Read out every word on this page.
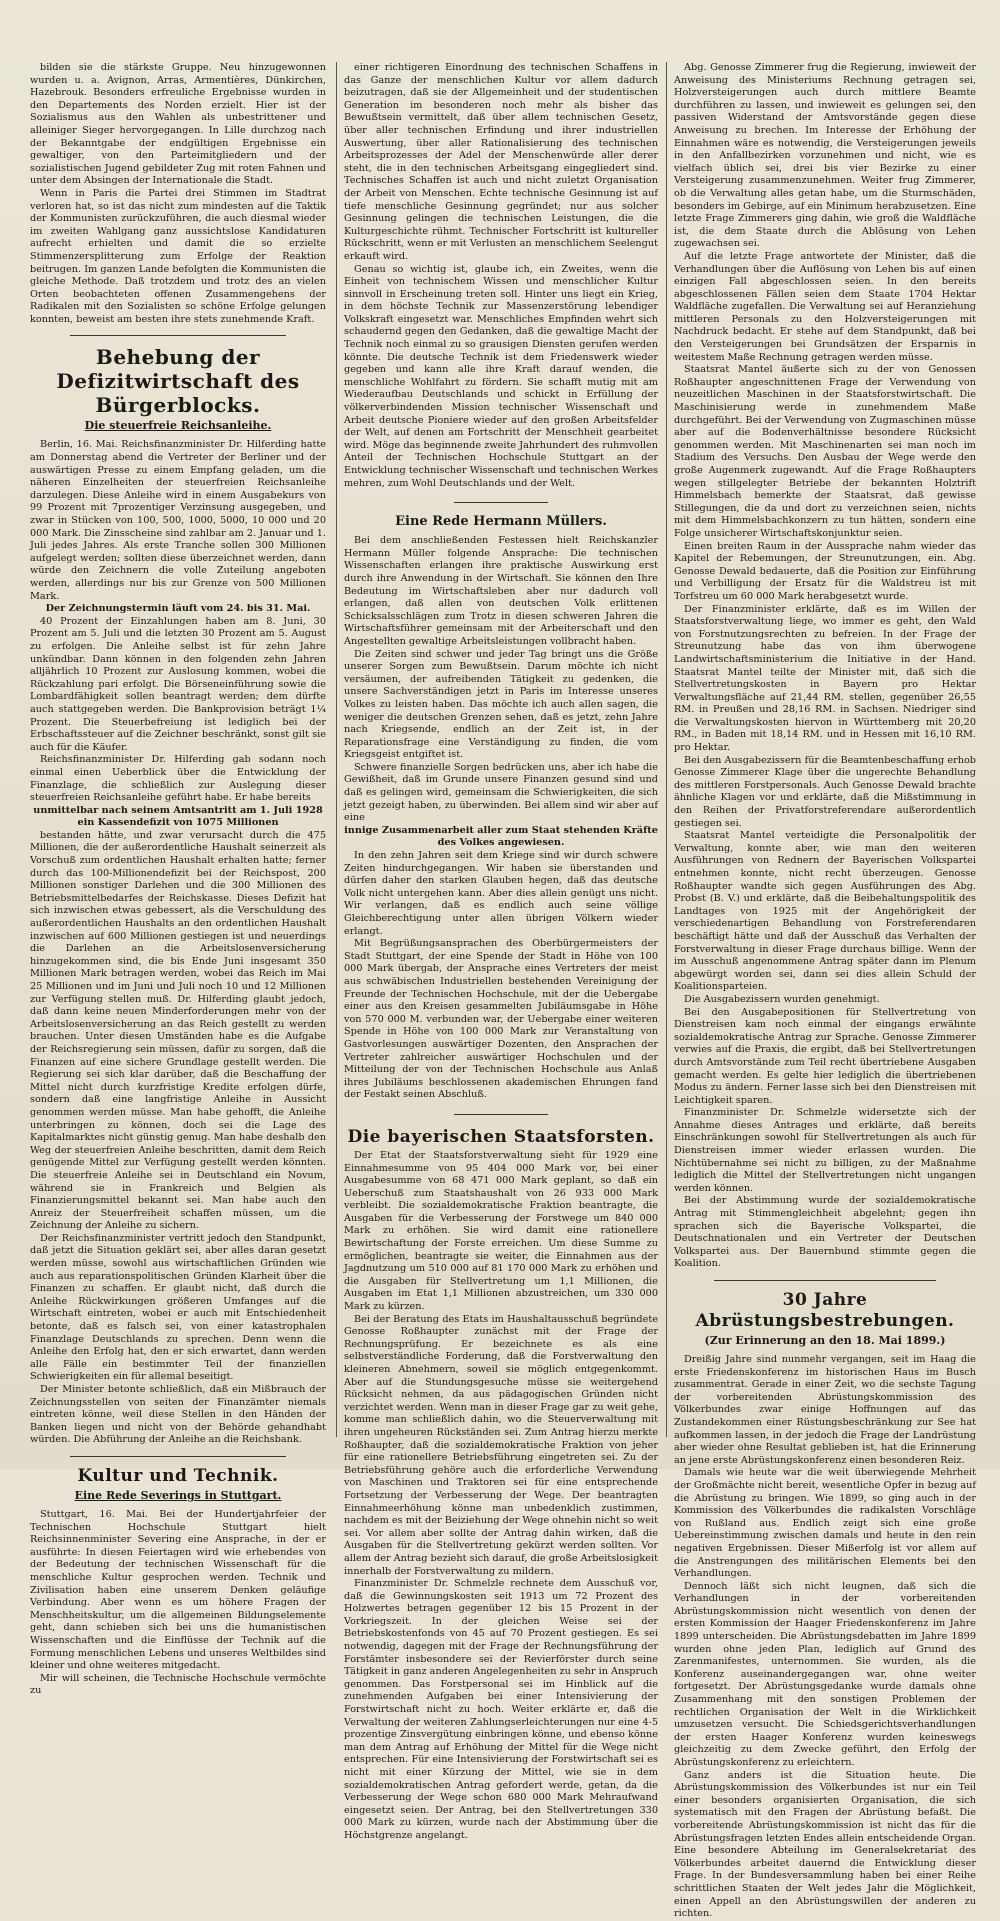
bilden sie die stärkste Gruppe. Neu hinzugewonnen wurden u. a. Avignon, Arras, Armentières, Dünkirchen, Hazebrouk. Besonders erfreuliche Ergebnisse wurden in den Departements des Norden erzielt. Hier ist der Sozialismus aus den Wahlen als unbestrittener und alleiniger Sieger hervorgegangen. In Lille durchzog nach der Bekanntgabe der endgültigen Ergebnisse ein gewaltiger, von den Parteimitgliedern und der sozialistischen Jugend gebildeter Zug mit roten Fahnen und unter dem Absingen der Internationale die Stadt.

Wenn in Paris die Partei drei Stimmen im Stadtrat verloren hat, so ist das nicht zum mindesten auf die Taktik der Kommunisten zurückzuführen, die auch diesmal wieder im zweiten Wahlgang ganz aussichtslose Kandidaturen aufrecht erhielten und damit die so erzielte Stimmenzersplitterung zum Erfolge der Reaktion beitrugen. Im ganzen Lande befolgten die Kommunisten die gleiche Methode. Daß trotzdem und trotz des an vielen Orten beobachteten offenen Zusammengehens der Radikalen mit den Sozialisten so schöne Erfolge gelungen konnten, beweist am besten ihre stets zunehmende Kraft.

Behebung der Defizitwirtschaft des Bürgerblocks.
Die steuerfreie Reichsanleihe.

Berlin, 16. Mai. Reichsfinanzminister Dr. Hilferding hatte am Donnerstag abend die Vertreter der Berliner und der auswärtigen Presse zu einem Empfang geladen, um die näheren Einzelheiten der steuerfreien Reichsanleihe darzulegen. Diese Anleihe wird in einem Ausgabekurs von 99 Prozent mit 7prozentiger Verzinsung ausgegeben, und zwar in Stücken von 100, 500, 1000, 5000, 10 000 und 20 000 Mark. Die Zinsscheine sind zahlbar am 2. Januar und 1. Juli jedes Jahres. Als erste Tranche sollen 300 Millionen aufgelegt werden; sollten diese überzeichnet werden, dann würde den Zeichnern die volle Zuteilung angeboten werden, allerdings nur bis zur Grenze von 500 Millionen Mark.

Der Zeichnungstermin läuft vom 24. bis 31. Mai.

40 Prozent der Einzahlungen haben am 8. Juni, 30 Prozent am 5. Juli und die letzten 30 Prozent am 5. August zu erfolgen. Die Anleihe selbst ist für zehn Jahre unkündbar. Dann können in den folgenden zehn Jahren alljährlich 10 Prozent zur Auslosung kommen, wobei die Rückzahlung pari erfolgt. Die Börseneinführung sowie die Lombardfähigkeit sollen beantragt werden; dem dürfte auch stattgegeben werden. Die Bankprovision beträgt 1¼ Prozent. Die Steuerbefreiung ist lediglich bei der Erbschaftssteuer auf die Zeichner beschränkt, sonst gilt sie auch für die Käufer.

Reichsfinanzminister Dr. Hilferding gab sodann noch einmal einen Ueberblick über die Entwicklung der Finanzlage, die schließlich zur Auslegung dieser steuerfreien Reichsanleihe geführt habe. Er habe bereits

unmittelbar nach seinem Amtsantritt am 1. Juli 1928 ein Kassendefizit von 1075 Millionen

bestanden hätte, und zwar verursacht durch die 475 Millionen, die der außerordentliche Haushalt seinerzeit als Vorschuß zum ordentlichen Haushalt erhalten hatte; ferner durch das 100-Millionendefizit bei der Reichspost, 200 Millionen sonstiger Darlehen und die 300 Millionen des Betriebsmittelbedarfes der Reichskasse. Dieses Defizit hat sich inzwischen etwas gebessert, als die Verschuldung des außerordentlichen Haushalts an den ordentlichen Haushalt inzwischen auf 600 Millionen gestiegen ist und neuerdings die Darlehen an die Arbeitslosenversicherung hinzugekommen sind, die bis Ende Juni insgesamt 350 Millionen Mark betragen werden, wobei das Reich im Mai 25 Millionen und im Juni und Juli noch 10 und 12 Millionen zur Verfügung stellen muß. Dr. Hilferding glaubt jedoch, daß dann keine neuen Minderforderungen mehr von der Arbeitslosenversicherung an das Reich gestellt zu werden brauchen. Unter diesen Umständen habe es die Aufgabe der Reichsregierung sein müssen, dafür zu sorgen, daß die Finanzen auf eine sichere Grundlage gestellt werden. Die Regierung sei sich klar darüber, daß die Beschaffung der Mittel nicht durch kurzfristige Kredite erfolgen dürfe, sondern daß eine langfristige Anleihe in Aussicht genommen werden müsse. Man habe gehofft, die Anleihe unterbringen zu können, doch sei die Lage des Kapitalmarktes nicht günstig genug. Man habe deshalb den Weg der steuerfreien Anleihe beschritten, damit dem Reich genügende Mittel zur Verfügung gestellt werden könnten. Die steuerfreie Anleihe sei in Deutschland ein Novum, während sie in Frankreich und Belgien als Finanzierungsmittel bekannt sei. Man habe auch den Anreiz der Steuerfreiheit schaffen müssen, um die Zeichnung der Anleihe zu sichern.

Der Reichsfinanzminister vertritt jedoch den Standpunkt, daß jetzt die Situation geklärt sei, aber alles daran gesetzt werden müsse, sowohl aus wirtschaftlichen Gründen wie auch aus reparationspolitischen Gründen Klarheit über die Finanzen zu schaffen. Er glaubt nicht, daß durch die Anleihe Rückwirkungen größeren Umfanges auf die Wirtschaft eintreten, wobei er auch mit Entschiedenheit betonte, daß es falsch sei, von einer katastrophalen Finanzlage Deutschlands zu sprechen. Denn wenn die Anleihe den Erfolg hat, den er sich erwartet, dann werden alle Fälle ein bestimmter Teil der finanziellen Schwierigkeiten ein für allemal beseitigt.

Der Minister betonte schließlich, daß ein Mißbrauch der Zeichnungsstellen von seiten der Finanzämter niemals eintreten könne, weil diese Stellen in den Händen der Banken liegen und nicht von der Behörde gehandhabt würden. Die Abführung der Anleihe an die Reichsbank.

Kultur und Technik.
Eine Rede Severings in Stuttgart.

Stuttgart, 16. Mai. Bei der Hundertjahrfeier der Technischen Hochschule Stuttgart hielt Reichsinnenminister Severing eine Ansprache, in der er ausführte: In diesen Feiertagen wird wie erhebendes von der Bedeutung der technischen Wissenschaft für die menschliche Kultur gesprochen werden. Technik und Zivilisation haben eine unserem Denken geläufige Verbindung. Aber wenn es um höhere Fragen der Menschheitskultur, um die allgemeinen Bildungselemente geht, dann schieben sich bei uns die humanistischen Wissenschaften und die Einflüsse der Technik auf die Formung menschlichen Lebens und unseres Weltbildes sind kleiner und ohne weiteres mitgedacht.

Mir will scheinen, die Technische Hochschule vermöchte zu

einer richtigeren Einordnung des technischen Schaffens in das Ganze der menschlichen Kultur vor allem dadurch beizutragen, daß sie der Allgemeinheit und der studentischen Generation im besonderen noch mehr als bisher das Bewußtsein vermittelt, daß über allem technischen Gesetz, über aller technischen Erfindung und ihrer industriellen Auswertung, über aller Rationalisierung des technischen Arbeitsprozesses der Adel der Menschenwürde aller derer steht, die in den technischen Arbeitsgang eingegliedert sind. Technisches Schaffen ist auch und nicht zuletzt Organisation der Arbeit von Menschen. Echte technische Gesinnung ist auf tiefe menschliche Gesinnung gegründet; nur aus solcher Gesinnung gelingen die technischen Leistungen, die die Kulturgeschichte rühmt. Technischer Fortschritt ist kultureller Rückschritt, wenn er mit Verlusten an menschlichem Seelengut erkauft wird.

Genau so wichtig ist, glaube ich, ein Zweites, wenn die Einheit von technischem Wissen und menschlicher Kultur sinnvoll in Erscheinung treten soll. Hinter uns liegt ein Krieg, in dem höchste Technik zur Massenzerstörung lebendiger Volkskraft eingesetzt war. Menschliches Empfinden wehrt sich schaudernd gegen den Gedanken, daß die gewaltige Macht der Technik noch einmal zu so grausigen Diensten gerufen werden könnte. Die deutsche Technik ist dem Friedenswerk wieder gegeben und kann alle ihre Kraft darauf wenden, die menschliche Wohlfahrt zu fördern. Sie schafft mutig mit am Wiederaufbau Deutschlands und schickt in Erfüllung der völkerverbindenden Mission technischer Wissenschaft und Arbeit deutsche Pioniere wieder auf den großen Arbeitsfelder der Welt, auf denen am Fortschritt der Menschheit gearbeitet wird. Möge das beginnende zweite Jahrhundert des ruhmvollen Anteil der Technischen Hochschule Stuttgart an der Entwicklung technischer Wissenschaft und technischen Werkes mehren, zum Wohl Deutschlands und der Welt.

Eine Rede Hermann Müllers.

Bei dem anschließenden Festessen hielt Reichskanzler Hermann Müller folgende Ansprache: Die technischen Wissenschaften erlangen ihre praktische Auswirkung erst durch ihre Anwendung in der Wirtschaft. Sie können den Ihre Bedeutung im Wirtschaftsleben aber nur dadurch voll erlangen, daß allen von deutschen Volk erlittenen Schicksalsschlägen zum Trotz in diesen schweren Jahren die Wirtschaftsführer gemeinsam mit der Arbeiterschaft und den Angestellten gewaltige Arbeitsleistungen vollbracht haben.

Die Zeiten sind schwer und jeder Tag bringt uns die Größe unserer Sorgen zum Bewußtsein. Darum möchte ich nicht versäumen, der aufreibenden Tätigkeit zu gedenken, die unsere Sachverständigen jetzt in Paris im Interesse unseres Volkes zu leisten haben. Das möchte ich auch allen sagen, die weniger die deutschen Grenzen sehen, daß es jetzt, zehn Jahre nach Kriegsende, endlich an der Zeit ist, in der Reparationsfrage eine Verständigung zu finden, die vom Kriegsgeist entgiftet ist.

Schwere finanzielle Sorgen bedrücken uns, aber ich habe die Gewißheit, daß im Grunde unsere Finanzen gesund sind und daß es gelingen wird, gemeinsam die Schwierigkeiten, die sich jetzt gezeigt haben, zu überwinden. Bei allem sind wir aber auf eine

innige Zusammenarbeit aller zum Staat stehenden Kräfte des Volkes angewiesen.

In den zehn Jahren seit dem Kriege sind wir durch schwere Zeiten hindurchgegangen. Wir haben sie überstanden und dürfen daher den starken Glauben hegen, daß das deutsche Volk nicht untergehen kann. Aber dies allein genügt uns nicht. Wir verlangen, daß es endlich auch seine völlige Gleichberechtigung unter allen übrigen Völkern wieder erlangt.

Mit Begrüßungsansprachen des Oberbürgermeisters der Stadt Stuttgart, der eine Spende der Stadt in Höhe von 100 000 Mark übergab, der Ansprache eines Vertreters der meist aus schwäbischen Industriellen bestehenden Vereinigung der Freunde der Technischen Hochschule, mit der die Uebergabe einer aus den Kreisen gesammelten Jubiläumsgabe in Höhe von 570 000 M. verbunden war, der Uebergabe einer weiteren Spende in Höhe von 100 000 Mark zur Veranstaltung von Gastvorlesungen auswärtiger Dozenten, den Ansprachen der Vertreter zahlreicher auswärtiger Hochschulen und der Mitteilung der von der Technischen Hochschule aus Anlaß ihres Jubiläums beschlossenen akademischen Ehrungen fand der Festakt seinen Abschluß.

Die bayerischen Staatsforsten.

Der Etat der Staatsforstverwaltung sieht für 1929 eine Einnahmesumme von 95 404 000 Mark vor, bei einer Ausgabesumme von 68 471 000 Mark geplant, so daß ein Ueberschuß zum Staatshaushalt von 26 933 000 Mark verbleibt. Die sozialdemokratische Fraktion beantragte, die Ausgaben für die Verbesserung der Forstwege um 840 000 Mark zu erhöhen. Sie wird damit eine rationellere Bewirtschaftung der Forste erreichen. Um diese Summe zu ermöglichen, beantragte sie weiter, die Einnahmen aus der Jagdnutzung um 510 000 auf 81 170 000 Mark zu erhöhen und die Ausgaben für Stellvertretung um 1,1 Millionen, die Ausgaben im Etat 1,1 Millionen abzustreichen, um 330 000 Mark zu kürzen.

Bei der Beratung des Etats im Haushaltausschuß begründete Genosse Roßhaupter zunächst mit der Frage der Rechnungsprüfung. Er bezeichnete es als eine selbstverständliche Forderung, daß die Forstverwaltung den kleineren Abnehmern, soweil sie möglich entgegenkommt. Aber auf die Stundungsgesuche müsse sie weitergehend Rücksicht nehmen, da aus pädagogischen Gründen nicht verzichtet werden. Wenn man in dieser Frage gar zu weit gehe, komme man schließlich dahin, wo die Steuerverwaltung mit ihren ungeheuren Rückständen sei. Zum Antrag hierzu merkte Roßhaupter, daß die sozialdemokratische Fraktion von jeher für eine rationellere Betriebsführung eingetreten sei. Zu der Betriebsführung gehöre auch die erforderliche Verwendung von Maschinen und Traktoren sei für eine entsprechende Fortsetzung der Verbesserung der Wege. Der beantragten Einnahmeerhöhung könne man unbedenklich zustimmen, nachdem es mit der Beiziehung der Wege ohnehin nicht so weit sei. Vor allem aber sollte der Antrag dahin wirken, daß die Ausgaben für die Stellvertretung gekürzt werden sollten. Vor allem der Antrag bezieht sich darauf, die große Arbeitslosigkeit innerhalb der Forstverwaltung zu mildern.

Finanzminister Dr. Schmelzle rechnete dem Ausschuß vor, daß die Gewinnungskosten seit 1913 um 72 Prozent des Holzwertes betragen gegenüber 12 bis 15 Prozent in der Vorkriegszeit. In der gleichen Weise sei der Betriebskostenfonds von 45 auf 70 Prozent gestiegen. Es sei notwendig, dagegen mit der Frage der Rechnungsführung der Forstämter insbesondere sei der Revierförster durch seine Tätigkeit in ganz anderen Angelegenheiten zu sehr in Anspruch genommen. Das Forstpersonal sei im Hinblick auf die zunehmenden Aufgaben bei einer Intensivierung der Forstwirtschaft nicht zu hoch. Weiter erklärte er, daß die Verwaltung der weiteren Zahlungserleichterungen nur eine 4-5 prozentige Zinsvergütung einbringen könne, und ebenso könne man dem Antrag auf Erhöhung der Mittel für die Wege nicht entsprechen. Für eine Intensivierung der Forstwirtschaft sei es nicht mit einer Kürzung der Mittel, wie sie in dem sozialdemokratischen Antrag gefordert werde, getan, da die Verbesserung der Wege schon 680 000 Mark Mehraufwand eingesetzt seien. Der Antrag, bei den Stellvertretungen 330 000 Mark zu kürzen, wurde nach der Abstimmung über die Höchstgrenze angelangt.

Abg. Genosse Zimmerer frug die Regierung, inwieweit der Anweisung des Ministeriums Rechnung getragen sei, Holzversteigerungen auch durch mittlere Beamte durchführen zu lassen, und inwieweit es gelungen sei, den passiven Widerstand der Amtsvorstände gegen diese Anweisung zu brechen. Im Interesse der Erhöhung der Einnahmen wäre es notwendig, die Versteigerungen jeweils in den Anfallbezirken vorzunehmen und nicht, wie es vielfach üblich sei, drei bis vier Bezirke zu einer Versteigerung zusammenzunehmen. Weiter frug Zimmerer, ob die Verwaltung alles getan habe, um die Sturmschäden, besonders im Gebirge, auf ein Minimum herabzusetzen. Eine letzte Frage Zimmerers ging dahin, wie groß die Waldfläche ist, die dem Staate durch die Ablösung von Lehen zugewachsen sei.

Auf die letzte Frage antwortete der Minister, daß die Verhandlungen über die Auflösung von Lehen bis auf einen einzigen Fall abgeschlossen seien. In den bereits abgeschlossenen Fällen seien dem Staate 1704 Hektar Waldfläche zugefallen. Die Verwaltung sei auf Heranziehung mittleren Personals zu den Holzversteigerungen mit Nachdruck bedacht. Er stehe auf dem Standpunkt, daß bei den Versteigerungen bei Grundsätzen der Ersparnis in weitestem Maße Rechnung getragen werden müsse.

Staatsrat Mantel äußerte sich zu der von Genossen Roßhaupter angeschnittenen Frage der Verwendung von neuzeitlichen Maschinen in der Staatsforstwirtschaft. Die Maschinisierung werde in zunehmendem Maße durchgeführt. Bei der Verwendung von Zugmaschinen müsse aber auf die Bodenverhältnisse besondere Rücksicht genommen werden. Mit Maschinenarten sei man noch im Stadium des Versuchs. Den Ausbau der Wege werde den große Augenmerk zugewandt. Auf die Frage Roßhaupters wegen stillgelegter Betriebe der bekannten Holztrift Himmelsbach bemerkte der Staatsrat, daß gewisse Stillegungen, die da und dort zu verzeichnen seien, nichts mit dem Himmelsbachkonzern zu tun hätten, sondern eine Folge unsicherer Wirtschaftskonjunktur seien.

Einen breiten Raum in der Aussprache nahm wieder das Kapitel der Rebemungen, der Streunutzungen, ein. Abg. Genosse Dewald bedauerte, daß die Position zur Einführung und Verbilligung der Ersatz für die Waldstreu ist mit Torfstreu um 60 000 Mark herabgesetzt wurde.

Der Finanzminister erklärte, daß es im Willen der Staatsforstverwaltung liege, wo immer es geht, den Wald von Forstnutzungsrechten zu befreien. In der Frage der Streunutzung habe das von ihm überwogene Landwirtschaftsministerium die Initiative in der Hand. Staatsrat Mantel teilte der Minister mit, daß sich die Stellvertretungskosten in Bayern pro Hektar Verwaltungsfläche auf 21,44 RM. stellen, gegenüber 26,55 RM. in Preußen und 28,16 RM. in Sachsen. Niedriger sind die Verwaltungskosten hiervon in Württemberg mit 20,20 RM., in Baden mit 18,14 RM. und in Hessen mit 16,10 RM. pro Hektar.

Bei den Ausgabezissern für die Beamtenbeschaffung erhob Genosse Zimmerer Klage über die ungerechte Behandlung des mittleren Forstpersonals. Auch Genosse Dewald brachte ähnliche Klagen vor und erklärte, daß die Mißstimmung in den Reihen der Privatforstreferendare außerordentlich gestiegen sei.

Staatsrat Mantel verteidigte die Personalpolitik der Verwaltung, konnte aber, wie man den weiteren Ausführungen von Rednern der Bayerischen Volkspartei entnehmen konnte, nicht recht überzeugen. Genosse Roßhaupter wandte sich gegen Ausführungen des Abg. Probst (B. V.) und erklärte, daß die Beibehaltungspolitik des Landtages von 1925 mit der Angehörigkeit der verschiedenartigen Behandlung von Forstreferendaren beschäftigt hätte und daß der Ausschuß das Verhalten der Forstverwaltung in dieser Frage durchaus billige. Wenn der im Ausschuß angenommene Antrag später dann im Plenum abgewürgt worden sei, dann sei dies allein Schuld der Koalitionsparteien.

Die Ausgabezissern wurden genehmigt.

Bei den Ausgabepositionen für Stellvertretung von Dienstreisen kam noch einmal der eingangs erwähnte sozialdemokratische Antrag zur Sprache. Genosse Zimmerer verwies auf die Praxis, die ergibt, daß bei Stellvertretungen durch Amtsvorstände zum Teil recht übertriebene Ausgaben gemacht werden. Es gelte hier lediglich die übertriebenen Modus zu ändern. Ferner lasse sich bei den Dienstreisen mit Leichtigkeit sparen.

Finanzminister Dr. Schmelzle widersetzte sich der Annahme dieses Antrages und erklärte, daß bereits Einschränkungen sowohl für Stellvertretungen als auch für Dienstreisen immer wieder erlassen wurden. Die Nichtübernahme sei nicht zu billigen, zu der Maßnahme lediglich die Mittel der Stellvertretungen nicht ungangen werden können.

Bei der Abstimmung wurde der sozialdemokratische Antrag mit Stimmengleichheit abgelehnt; gegen ihn sprachen sich die Bayerische Volkspartei, die Deutschnationalen und ein Vertreter der Deutschen Volkspartei aus. Der Bauernbund stimmte gegen die Koalition.

30 Jahre Abrüstungsbestrebungen.
(Zur Erinnerung an den 18. Mai 1899.)

Dreißig Jahre sind nunmehr vergangen, seit im Haag die erste Friedenskonferenz im historischen Haus im Busch zusammentrat. Gerade in einer Zeit, wo die sechste Tagung der vorbereitenden Abrüstungskommission des Völkerbundes zwar einige Hoffnungen auf das Zustandekommen einer Rüstungsbeschränkung zur See hat aufkommen lassen, in der jedoch die Frage der Landrüstung aber wieder ohne Resultat geblieben ist, hat die Erinnerung an jene erste Abrüstungskonferenz einen besonderen Reiz.

Damals wie heute war die weit überwiegende Mehrheit der Großmächte nicht bereit, wesentliche Opfer in bezug auf die Abrüstung zu bringen. Wie 1899, so ging auch in der Kommission des Völkerbundes die radikalsten Vorschläge von Rußland aus. Endlich zeigt sich eine große Uebereinstimmung zwischen damals und heute in den rein negativen Ergebnissen. Dieser Mißerfolg ist vor allem auf die Anstrengungen des militärischen Elements bei den Verhandlungen.

Dennoch läßt sich nicht leugnen, daß sich die Verhandlungen in der vorbereitenden Abrüstungskommission nicht wesentlich von denen der ersten Kommission der Haager Friedenskonferenz im Jahre 1899 unterscheiden. Die Abrüstungsdebatten im Jahre 1899 wurden ohne jeden Plan, lediglich auf Grund des Zarenmanifestes, unternommen. Sie wurden, als die Konferenz auseinandergegangen war, ohne weiter fortgesetzt. Der Abrüstungsgedanke wurde damals ohne Zusammenhang mit den sonstigen Problemen der rechtlichen Organisation der Welt in die Wirklichkeit umzusetzen versucht. Die Schiedsgerichtsverhandlungen der ersten Haager Konferenz wurden keineswegs gleichzeitig zu dem Zwecke geführt, den Erfolg der Abrüstungskonferenz zu erleichtern.

Ganz anders ist die Situation heute. Die Abrüstungskommission des Völkerbundes ist nur ein Teil einer besonders organisierten Organisation, die sich systematisch mit den Fragen der Abrüstung befaßt. Die vorbereitende Abrüstungskommission ist nicht das für die Abrüstungsfragen letzten Endes allein entscheidende Organ. Eine besondere Abteilung im Generalsekretariat des Völkerbundes arbeitet dauernd die Entwicklung dieser Frage. In der Bundesversammlung haben bei einer Reihe schrittlichen Staaten der Welt jedes Jahr die Möglichkeit, einen Appell an den Abrüstungswillen der anderen zu richten.
